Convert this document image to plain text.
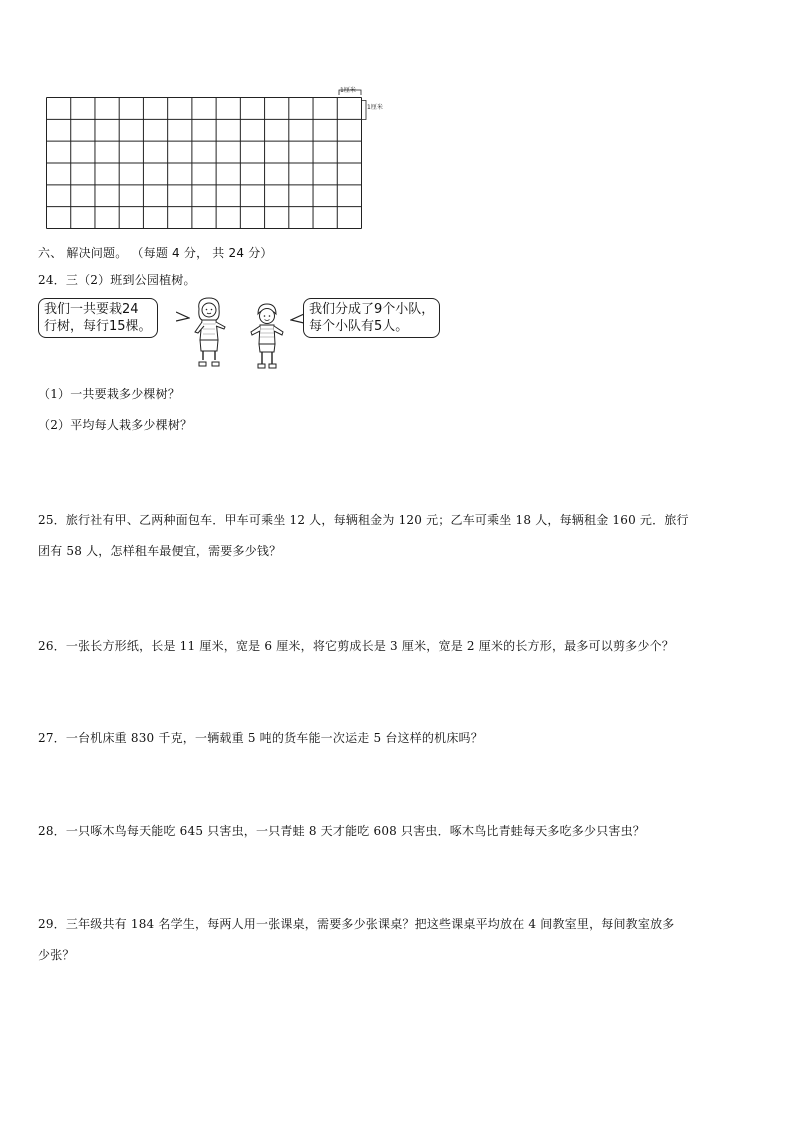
1厘米
1厘米
六、 解决问题。 （每题 4 分， 共 24 分）
24．三（2）班到公园植树。
我们一共要栽24
行树，每行15棵。
我们分成了9个小队，
每个小队有5人。
（1）一共要栽多少棵树？
（2）平均每人栽多少棵树？
25．旅行社有甲、乙两种面包车．甲车可乘坐 12 人，每辆租金为 120 元；乙车可乘坐 18 人，每辆租金 160 元．旅行
团有 58 人，怎样租车最便宜，需要多少钱？
26．一张长方形纸，长是 11 厘米，宽是 6 厘米，将它剪成长是 3 厘米，宽是 2 厘米的长方形，最多可以剪多少个？
27．一台机床重 830 千克，一辆载重 5 吨的货车能一次运走 5 台这样的机床吗？
28．一只啄木鸟每天能吃 645 只害虫，一只青蛙 8 天才能吃 608 只害虫．啄木鸟比青蛙每天多吃多少只害虫？
29．三年级共有 184 名学生，每两人用一张课桌，需要多少张课桌？把这些课桌平均放在 4 间教室里，每间教室放多
少张？
